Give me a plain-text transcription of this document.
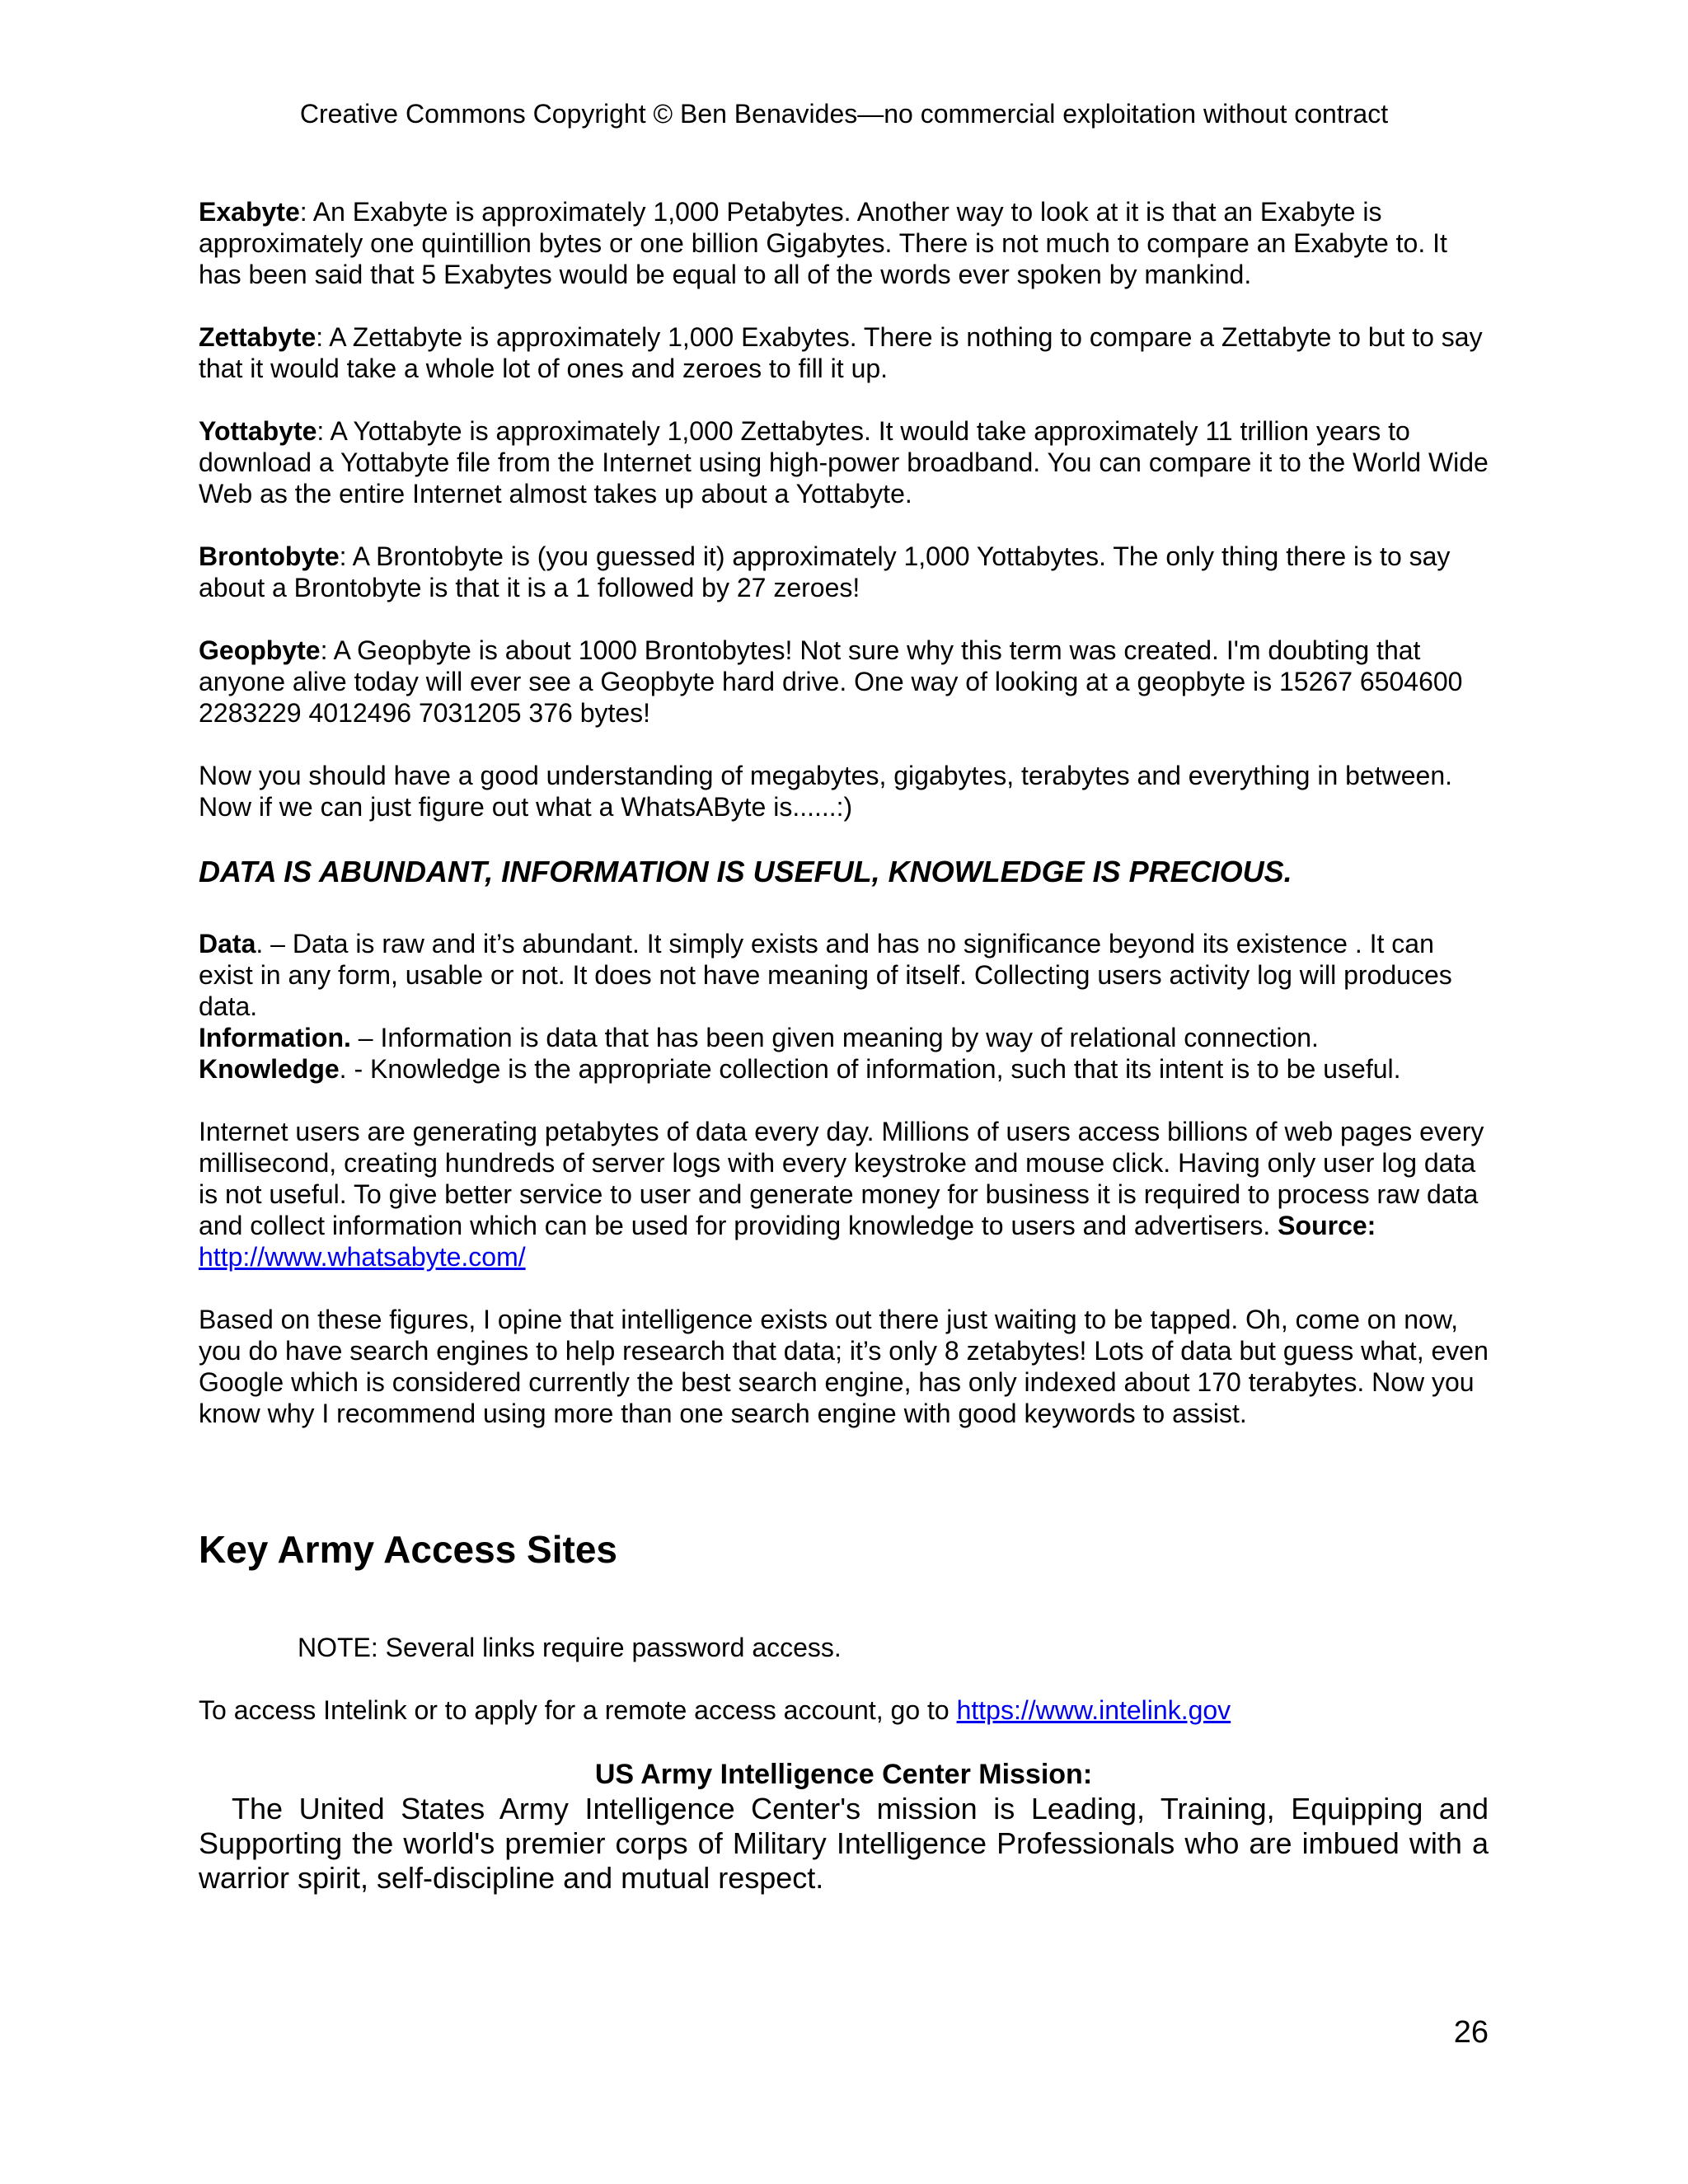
Creative Commons Copyright © Ben Benavides—no commercial exploitation without contract

Exabyte: An Exabyte is approximately 1,000 Petabytes. Another way to look at it is that an Exabyte is approximately one quintillion bytes or one billion Gigabytes. There is not much to compare an Exabyte to. It has been said that 5 Exabytes would be equal to all of the words ever spoken by mankind.

Zettabyte: A Zettabyte is approximately 1,000 Exabytes. There is nothing to compare a Zettabyte to but to say that it would take a whole lot of ones and zeroes to fill it up.

Yottabyte: A Yottabyte is approximately 1,000 Zettabytes. It would take approximately 11 trillion years to download a Yottabyte file from the Internet using high-power broadband. You can compare it to the World Wide Web as the entire Internet almost takes up about a Yottabyte.

Brontobyte: A Brontobyte is (you guessed it) approximately 1,000 Yottabytes. The only thing there is to say about a Brontobyte is that it is a 1 followed by 27 zeroes!

Geopbyte: A Geopbyte is about 1000 Brontobytes! Not sure why this term was created. I'm doubting that anyone alive today will ever see a Geopbyte hard drive. One way of looking at a geopbyte is 15267 6504600 2283229 4012496 7031205 376 bytes!

Now you should have a good understanding of megabytes, gigabytes, terabytes and everything in between. Now if we can just figure out what a WhatsAByte is......:)

DATA IS ABUNDANT, INFORMATION IS USEFUL, KNOWLEDGE IS PRECIOUS.

Data. – Data is raw and it’s abundant. It simply exists and has no significance beyond its existence . It can exist in any form, usable or not. It does not have meaning of itself. Collecting users activity log will produces data.

Information. – Information is data that has been given meaning by way of relational connection.

Knowledge. - Knowledge is the appropriate collection of information, such that its intent is to be useful.

Internet users are generating petabytes of data every day. Millions of users access billions of web pages every millisecond, creating hundreds of server logs with every keystroke and mouse click. Having only user log data is not useful. To give better service to user and generate money for business it is required to process raw data and collect information which can be used for providing knowledge to users and advertisers. Source: http://www.whatsabyte.com/

Based on these figures, I opine that intelligence exists out there just waiting to be tapped. Oh, come on now, you do have search engines to help research that data; it’s only 8 zetabytes! Lots of data but guess what, even Google which is considered currently the best search engine, has only indexed about 170 terabytes. Now you know why I recommend using more than one search engine with good keywords to assist.

Key Army Access Sites

NOTE: Several links require password access.

To access Intelink or to apply for a remote access account, go to https://www.intelink.gov

US Army Intelligence Center Mission:

The United States Army Intelligence Center's mission is Leading, Training, Equipping and Supporting the world's premier corps of Military Intelligence Professionals who are imbued with a warrior spirit, self-discipline and mutual respect.

26
